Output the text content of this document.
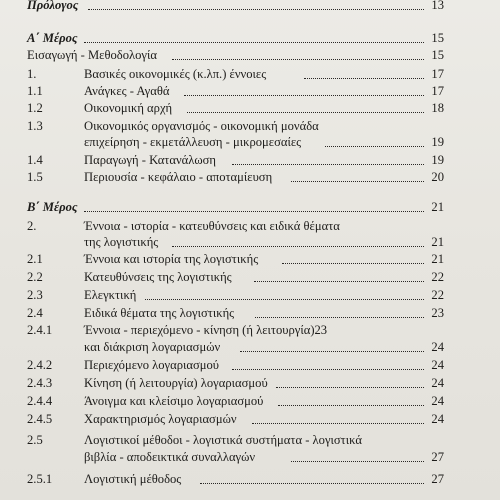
Πρόλογος	13
Α΄ Μέρος	15
Εισαγωγή - Μεθοδολογία	15
1.	Βασικές οικονομικές (κ.λπ.) έννοιες	17
1.1	Ανάγκες - Αγαθά	17
1.2	Οικονομική αρχή	18
1.3	Οικονομικός οργανισμός - οικονομική μονάδα
επιχείρηση - εκμετάλλευση - μικρομεσαίες	19
1.4	Παραγωγή - Κατανάλωση	19
1.5	Περιουσία - κεφάλαιο - αποταμίευση	20
Β΄ Μέρος	21
2.	Έννοια - ιστορία - κατευθύνσεις και ειδικά θέματα
της λογιστικής	21
2.1	Έννοια και ιστορία της λογιστικής	21
2.2	Κατευθύνσεις της λογιστικής	22
2.3	Ελεγκτική	22
2.4	Ειδικά θέματα της λογιστικής	23
2.4.1	Έννοια - περιεχόμενο - κίνηση (ή λειτουργία)23
και διάκριση λογαριασμών	24
2.4.2	Περιεχόμενο λογαριασμού	24
2.4.3	Κίνηση (ή λειτουργία) λογαριασμού	24
2.4.4	Άνοιγμα και κλείσιμο λογαριασμού	24
2.4.5	Χαρακτηρισμός λογαριασμών	24
2.5	Λογιστικοί μέθοδοι - λογιστικά συστήματα - λογιστικά
βιβλία - αποδεικτικά συναλλαγών	27
2.5.1	Λογιστική μέθοδος	27
